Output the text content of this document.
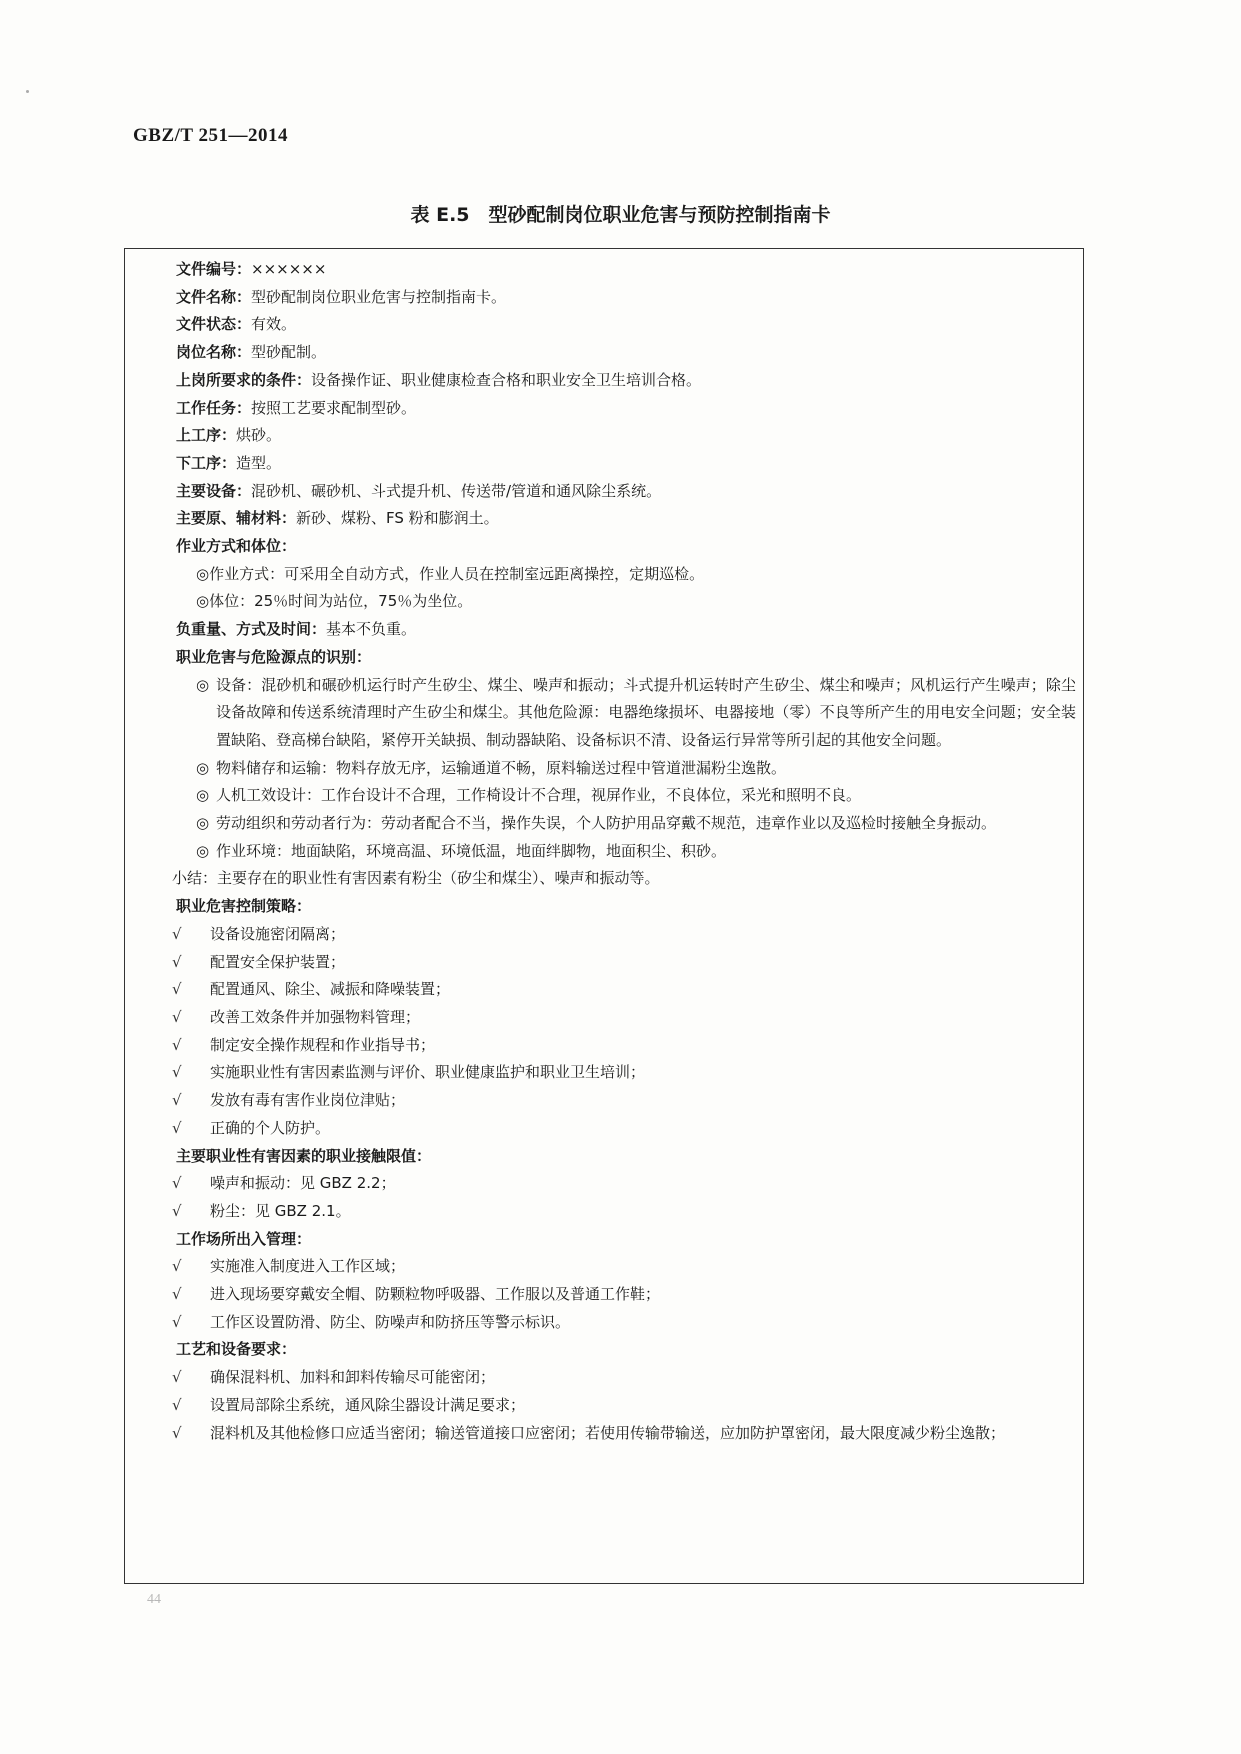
GBZ/T 251—2014
表 E.5　型砂配制岗位职业危害与预防控制指南卡
文件编号：××××××
文件名称：型砂配制岗位职业危害与控制指南卡。
文件状态：有效。
岗位名称：型砂配制。
上岗所要求的条件：设备操作证、职业健康检查合格和职业安全卫生培训合格。
工作任务：按照工艺要求配制型砂。
上工序：烘砂。
下工序：造型。
主要设备：混砂机、碾砂机、斗式提升机、传送带/管道和通风除尘系统。
主要原、辅材料：新砂、煤粉、FS 粉和膨润土。
作业方式和体位：
◎作业方式：可采用全自动方式，作业人员在控制室远距离操控，定期巡检。
◎体位：25％时间为站位，75％为坐位。
负重量、方式及时间：基本不负重。
职业危害与危险源点的识别：
◎ 设备：混砂机和碾砂机运行时产生矽尘、煤尘、噪声和振动；斗式提升机运转时产生矽尘、煤尘和噪声；风机运行产生噪声；除尘设备故障和传送系统清理时产生矽尘和煤尘。其他危险源：电器绝缘损坏、电器接地（零）不良等所产生的用电安全问题；安全装置缺陷、登高梯台缺陷，紧停开关缺损、制动器缺陷、设备标识不清、设备运行异常等所引起的其他安全问题。
◎ 物料储存和运输：物料存放无序，运输通道不畅，原料输送过程中管道泄漏粉尘逸散。
◎ 人机工效设计：工作台设计不合理，工作椅设计不合理，视屏作业，不良体位，采光和照明不良。
◎ 劳动组织和劳动者行为：劳动者配合不当，操作失误，个人防护用品穿戴不规范，违章作业以及巡检时接触全身振动。
◎ 作业环境：地面缺陷，环境高温、环境低温，地面绊脚物，地面积尘、积砂。
小结：主要存在的职业性有害因素有粉尘（矽尘和煤尘）、噪声和振动等。
职业危害控制策略：
√	设备设施密闭隔离；
√	配置安全保护装置；
√	配置通风、除尘、减振和降噪装置；
√	改善工效条件并加强物料管理；
√	制定安全操作规程和作业指导书；
√	实施职业性有害因素监测与评价、职业健康监护和职业卫生培训；
√	发放有毒有害作业岗位津贴；
√	正确的个人防护。
主要职业性有害因素的职业接触限值：
√	噪声和振动：见 GBZ 2.2；
√	粉尘：见 GBZ 2.1。
工作场所出入管理：
√	实施准入制度进入工作区域；
√	进入现场要穿戴安全帽、防颗粒物呼吸器、工作服以及普通工作鞋；
√	工作区设置防滑、防尘、防噪声和防挤压等警示标识。
工艺和设备要求：
√	确保混料机、加料和卸料传输尽可能密闭；
√	设置局部除尘系统，通风除尘器设计满足要求；
√	混料机及其他检修口应适当密闭；输送管道接口应密闭；若使用传输带输送，应加防护罩密闭，最大限度减少粉尘逸散；
44
